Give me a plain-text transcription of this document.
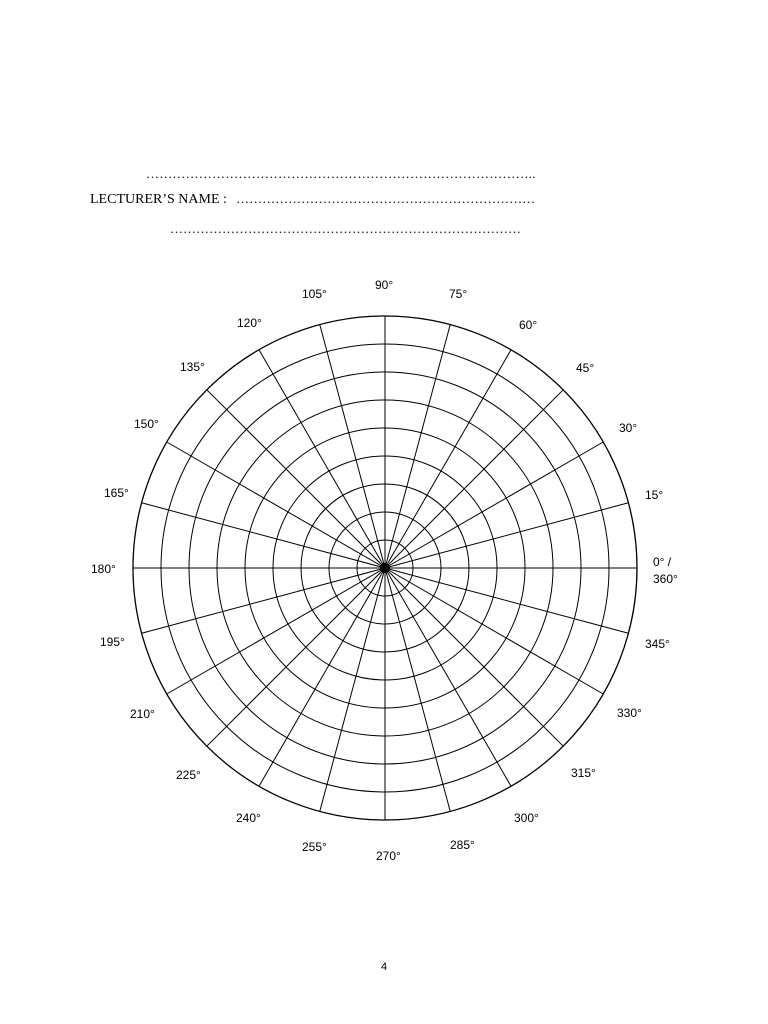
……………………………………………………………………………..
LECTURER’S NAME : ……………………………………………………………
………………………………………………………………………
0° /
360°
15°
30°
45°
60°
75°
90°
105°
120°
135°
150°
165°
180°
195°
210°
225°
240°
255°
270°
285°
300°
315°
330°
345°
4
